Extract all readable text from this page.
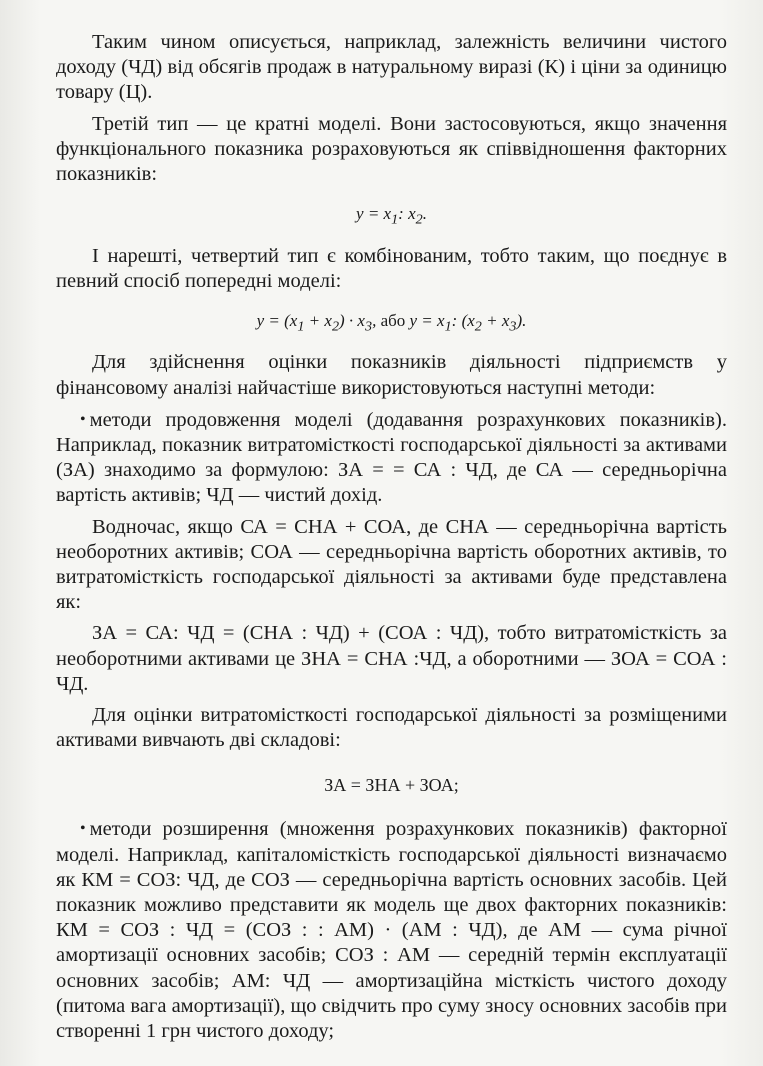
Таким чином описується, наприклад, залежність величини чистого доходу (ЧД) від обсягів продаж в натуральному виразі (К) і ціни за одиницю товару (Ц).

Третій тип — це кратні моделі. Вони застосовуються, якщо значення функціонального показника розраховуються як співвідношення факторних показників:

$y = x_1$: $x_2$.

І нарешті, четвертий тип є комбінованим, тобто таким, що поєднує в певний спосіб попередні моделі:

$y = (x_1 + x_2) \cdot x_3$, або $y = x_1$: $(x_2 + x_3)$.

Для здійснення оцінки показників діяльності підприємств у фінансовому аналізі найчастіше використовуються наступні методи:

• методи продовження моделі (додавання розрахункових показників). Наприклад, показник витратомісткості господарської діяльності за активами (ЗА) знаходимо за формулою: ЗА = = СА : ЧД, де СА — середньорічна вартість активів; ЧД — чистий дохід.

Водночас, якщо СА = СНА + СОА, де СНА — середньорічна вартість необоротних активів; СОА — середньорічна вартість оборотних активів, то витратомісткість господарської діяльності за активами буде представлена як:

ЗА = СА: ЧД = (СНА : ЧД) + (СОА : ЧД), тобто витратомісткість за необоротними активами це ЗНА = СНА :ЧД, а оборотними — ЗОА = СОА : ЧД.

Для оцінки витратомісткості господарської діяльності за розміщеними активами вивчають дві складові:

ЗА = ЗНА + ЗОА;

• методи розширення (множення розрахункових показників) факторної моделі. Наприклад, капіталомісткість господарської діяльності визначаємо як КМ = СОЗ: ЧД, де СОЗ — середньорічна вартість основних засобів. Цей показник можливо представити як модель ще двох факторних показників: КМ = СОЗ : ЧД = (СОЗ : : АМ) · (АМ : ЧД), де АМ — сума річної амортизації основних засобів; СОЗ : АМ — середній термін експлуатації основних засобів; АМ: ЧД — амортизаційна місткість чистого доходу (питома вага амортизації), що свідчить про суму зносу основних засобів при створенні 1 грн чистого доходу;
